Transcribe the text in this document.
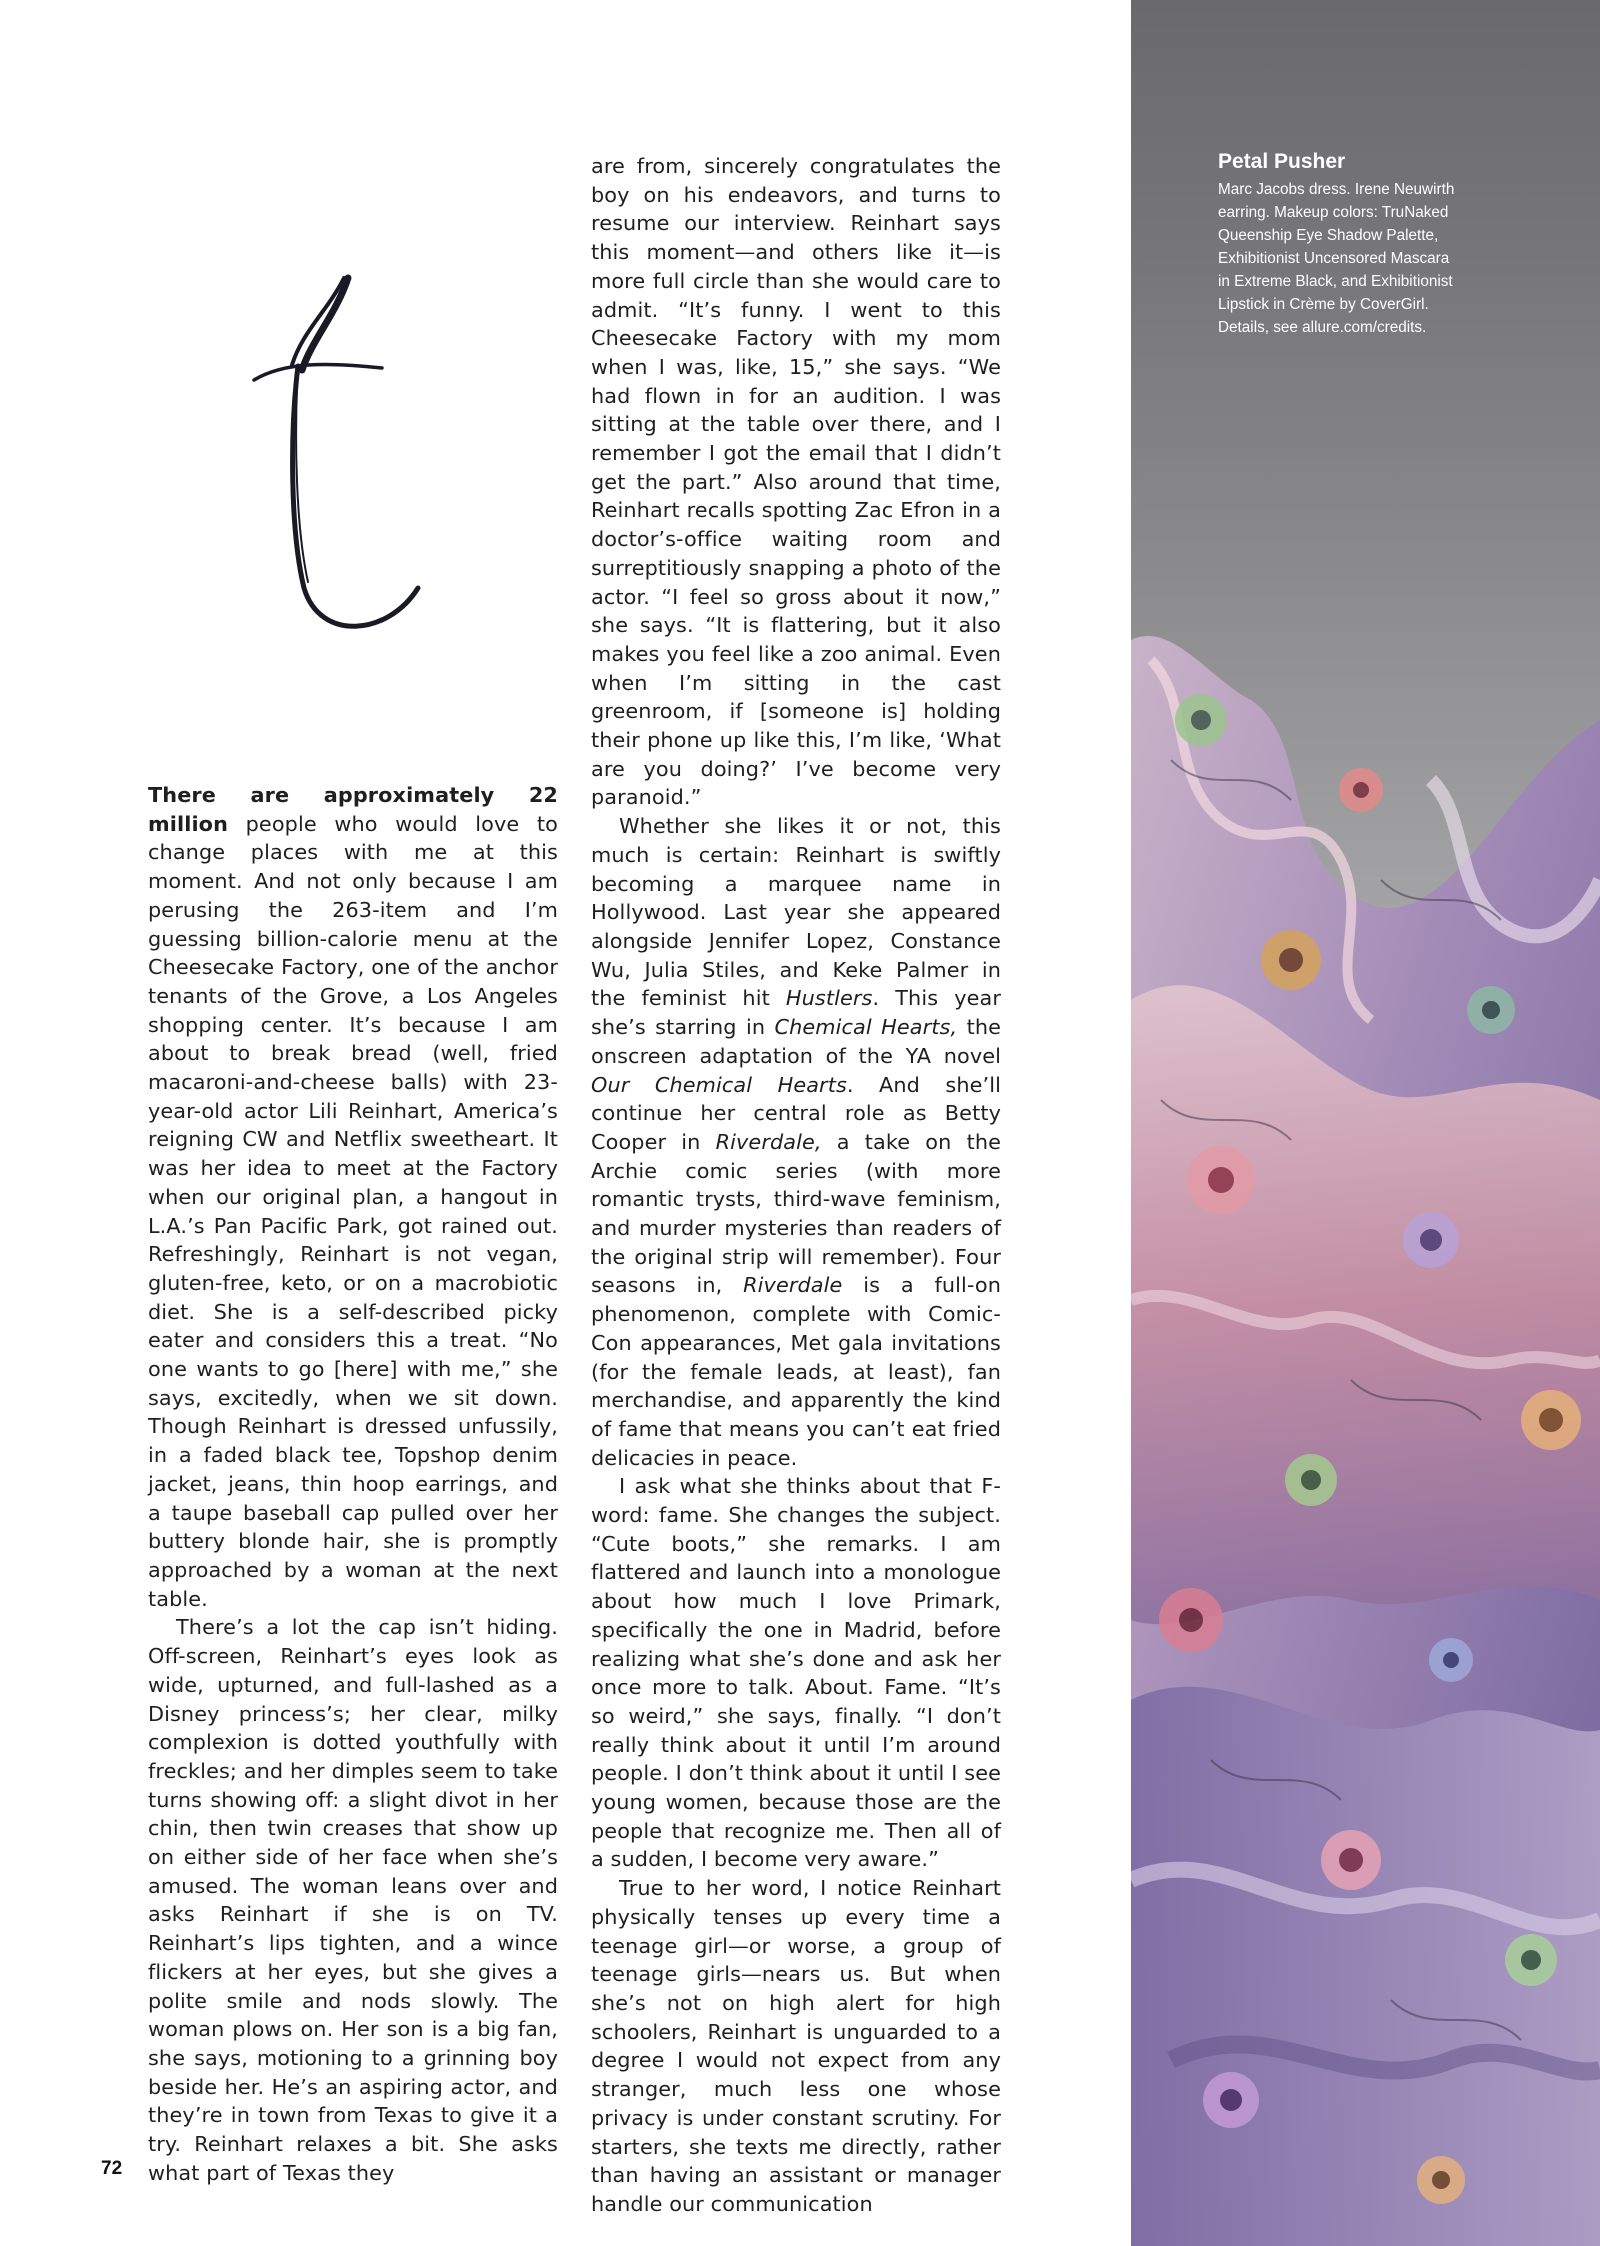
There are approximately 22 million people who would love to change places with me at this moment. And not only because I am perusing the 263-item and I’m guessing billion-calorie menu at the Cheesecake Factory, one of the anchor tenants of the Grove, a Los Angeles shopping center. It’s because I am about to break bread (well, fried macaroni-and-cheese balls) with 23-year-old actor Lili Reinhart, America’s reigning CW and Netflix sweetheart. It was her idea to meet at the Factory when our original plan, a hangout in L.A.’s Pan Pacific Park, got rained out. Refreshingly, Reinhart is not vegan, gluten-free, keto, or on a macrobiotic diet. She is a self-described picky eater and considers this a treat. “No one wants to go [here] with me,” she says, excitedly, when we sit down. Though Reinhart is dressed unfussily, in a faded black tee, Topshop denim jacket, jeans, thin hoop earrings, and a taupe baseball cap pulled over her buttery blonde hair, she is promptly approached by a woman at the next table.

There’s a lot the cap isn’t hiding. Off-screen, Reinhart’s eyes look as wide, upturned, and full-lashed as a Disney princess’s; her clear, milky complexion is dotted youthfully with freckles; and her dimples seem to take turns showing off: a slight divot in her chin, then twin creases that show up on either side of her face when she’s amused. The woman leans over and asks Reinhart if she is on TV. Reinhart’s lips tighten, and a wince flickers at her eyes, but she gives a polite smile and nods slowly. The woman plows on. Her son is a big fan, she says, motioning to a grinning boy beside her. He’s an aspiring actor, and they’re in town from Texas to give it a try. Reinhart relaxes a bit. She asks what part of Texas they

are from, sincerely congratulates the boy on his endeavors, and turns to resume our interview. Reinhart says this moment—and others like it—is more full circle than she would care to admit. “It’s funny. I went to this Cheesecake Factory with my mom when I was, like, 15,” she says. “We had flown in for an audition. I was sitting at the table over there, and I remember I got the email that I didn’t get the part.” Also around that time, Reinhart recalls spotting Zac Efron in a doctor’s-office waiting room and surreptitiously snapping a photo of the actor. “I feel so gross about it now,” she says. “It is flattering, but it also makes you feel like a zoo animal. Even when I’m sitting in the cast greenroom, if [someone is] holding their phone up like this, I’m like, ‘What are you doing?’ I’ve become very paranoid.”

Whether she likes it or not, this much is certain: Reinhart is swiftly becoming a marquee name in Hollywood. Last year she appeared alongside Jennifer Lopez, Constance Wu, Julia Stiles, and Keke Palmer in the feminist hit Hustlers. This year she’s starring in Chemical Hearts, the onscreen adaptation of the YA novel Our Chemical Hearts. And she’ll continue her central role as Betty Cooper in Riverdale, a take on the Archie comic series (with more romantic trysts, third-wave feminism, and murder mysteries than readers of the original strip will remember). Four seasons in, Riverdale is a full-on phenomenon, complete with Comic-Con appearances, Met gala invitations (for the female leads, at least), fan merchandise, and apparently the kind of fame that means you can’t eat fried delicacies in peace.

I ask what she thinks about that F-word: fame. She changes the subject. “Cute boots,” she remarks. I am flattered and launch into a monologue about how much I love Primark, specifically the one in Madrid, before realizing what she’s done and ask her once more to talk. About. Fame. “It’s so weird,” she says, finally. “I don’t really think about it until I’m around people. I don’t think about it until I see young women, because those are the people that recognize me. Then all of a sudden, I become very aware.”

True to her word, I notice Reinhart physically tenses up every time a teenage girl—or worse, a group of teenage girls—nears us. But when she’s not on high alert for high schoolers, Reinhart is unguarded to a degree I would not expect from any stranger, much less one whose privacy is under constant scrutiny. For starters, she texts me directly, rather than having an assistant or manager handle our communication

72
Petal Pusher
Marc Jacobs dress. Irene Neuwirth earring. Makeup colors: TruNaked Queenship Eye Shadow Palette, Exhibitionist Uncensored Mascara in Extreme Black, and Exhibitionist Lipstick in Crème by CoverGirl. Details, see allure.com/credits.
